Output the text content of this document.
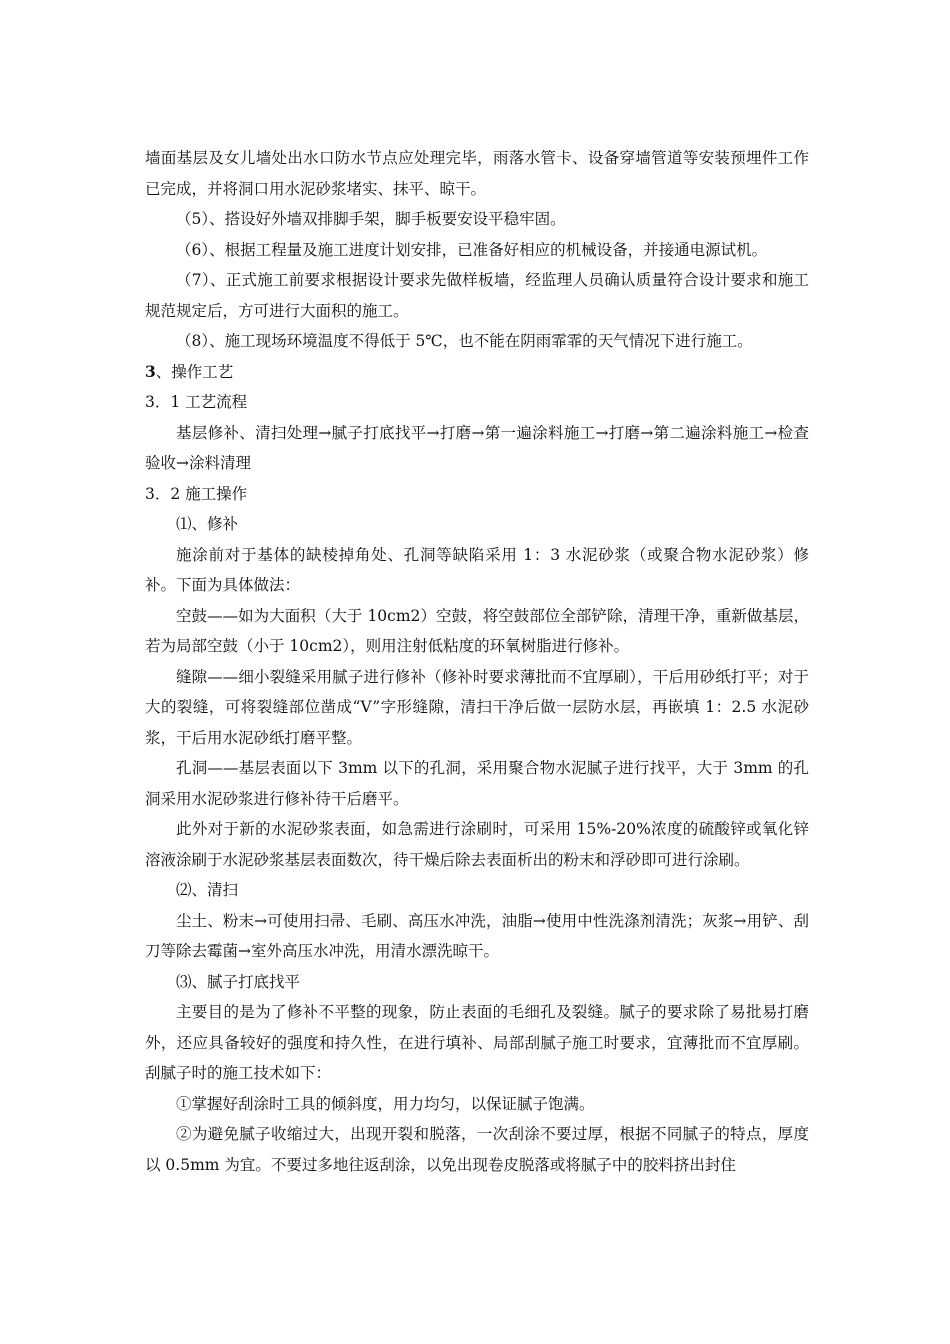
墙面基层及女儿墙处出水口防水节点应处理完毕，雨落水管卡、设备穿墙管道等安装预埋件工作已完成，并将洞口用水泥砂浆堵实、抹平、晾干。

（5）、搭设好外墙双排脚手架，脚手板要安设平稳牢固。

（6）、根据工程量及施工进度计划安排，已准备好相应的机械设备，并接通电源试机。

（7）、正式施工前要求根据设计要求先做样板墙，经监理人员确认质量符合设计要求和施工规范规定后，方可进行大面积的施工。

（8）、施工现场环境温度不得低于 5℃，也不能在阴雨霏霏的天气情况下进行施工。

3、操作工艺

3．1 工艺流程

基层修补、清扫处理→腻子打底找平→打磨→第一遍涂料施工→打磨→第二遍涂料施工→检查验收→涂料清理

3．2 施工操作

⑴、修补

施涂前对于基体的缺棱掉角处、孔洞等缺陷采用 1：3 水泥砂浆（或聚合物水泥砂浆）修补。下面为具体做法：

空鼓——如为大面积（大于 10cm2）空鼓，将空鼓部位全部铲除，清理干净，重新做基层，若为局部空鼓（小于 10cm2），则用注射低粘度的环氧树脂进行修补。

缝隙——细小裂缝采用腻子进行修补（修补时要求薄批而不宜厚刷），干后用砂纸打平；对于大的裂缝，可将裂缝部位凿成“V”字形缝隙，清扫干净后做一层防水层，再嵌填 1：2.5 水泥砂浆，干后用水泥砂纸打磨平整。

孔洞——基层表面以下 3mm 以下的孔洞，采用聚合物水泥腻子进行找平，大于 3mm 的孔洞采用水泥砂浆进行修补待干后磨平。

此外对于新的水泥砂浆表面，如急需进行涂刷时，可采用 15%-20%浓度的硫酸锌或氧化锌溶液涂刷于水泥砂浆基层表面数次，待干燥后除去表面析出的粉末和浮砂即可进行涂刷。

⑵、清扫

尘土、粉末→可使用扫帚、毛刷、高压水冲洗，油脂→使用中性洗涤剂清洗；灰浆→用铲、刮刀等除去霉菌→室外高压水冲洗，用清水漂洗晾干。

⑶、腻子打底找平

主要目的是为了修补不平整的现象，防止表面的毛细孔及裂缝。腻子的要求除了易批易打磨外，还应具备较好的强度和持久性，在进行填补、局部刮腻子施工时要求，宜薄批而不宜厚刷。刮腻子时的施工技术如下：

①掌握好刮涂时工具的倾斜度，用力均匀，以保证腻子饱满。

②为避免腻子收缩过大，出现开裂和脱落，一次刮涂不要过厚，根据不同腻子的特点，厚度以 0.5mm 为宜。不要过多地往返刮涂，以免出现卷皮脱落或将腻子中的胶料挤出封住
